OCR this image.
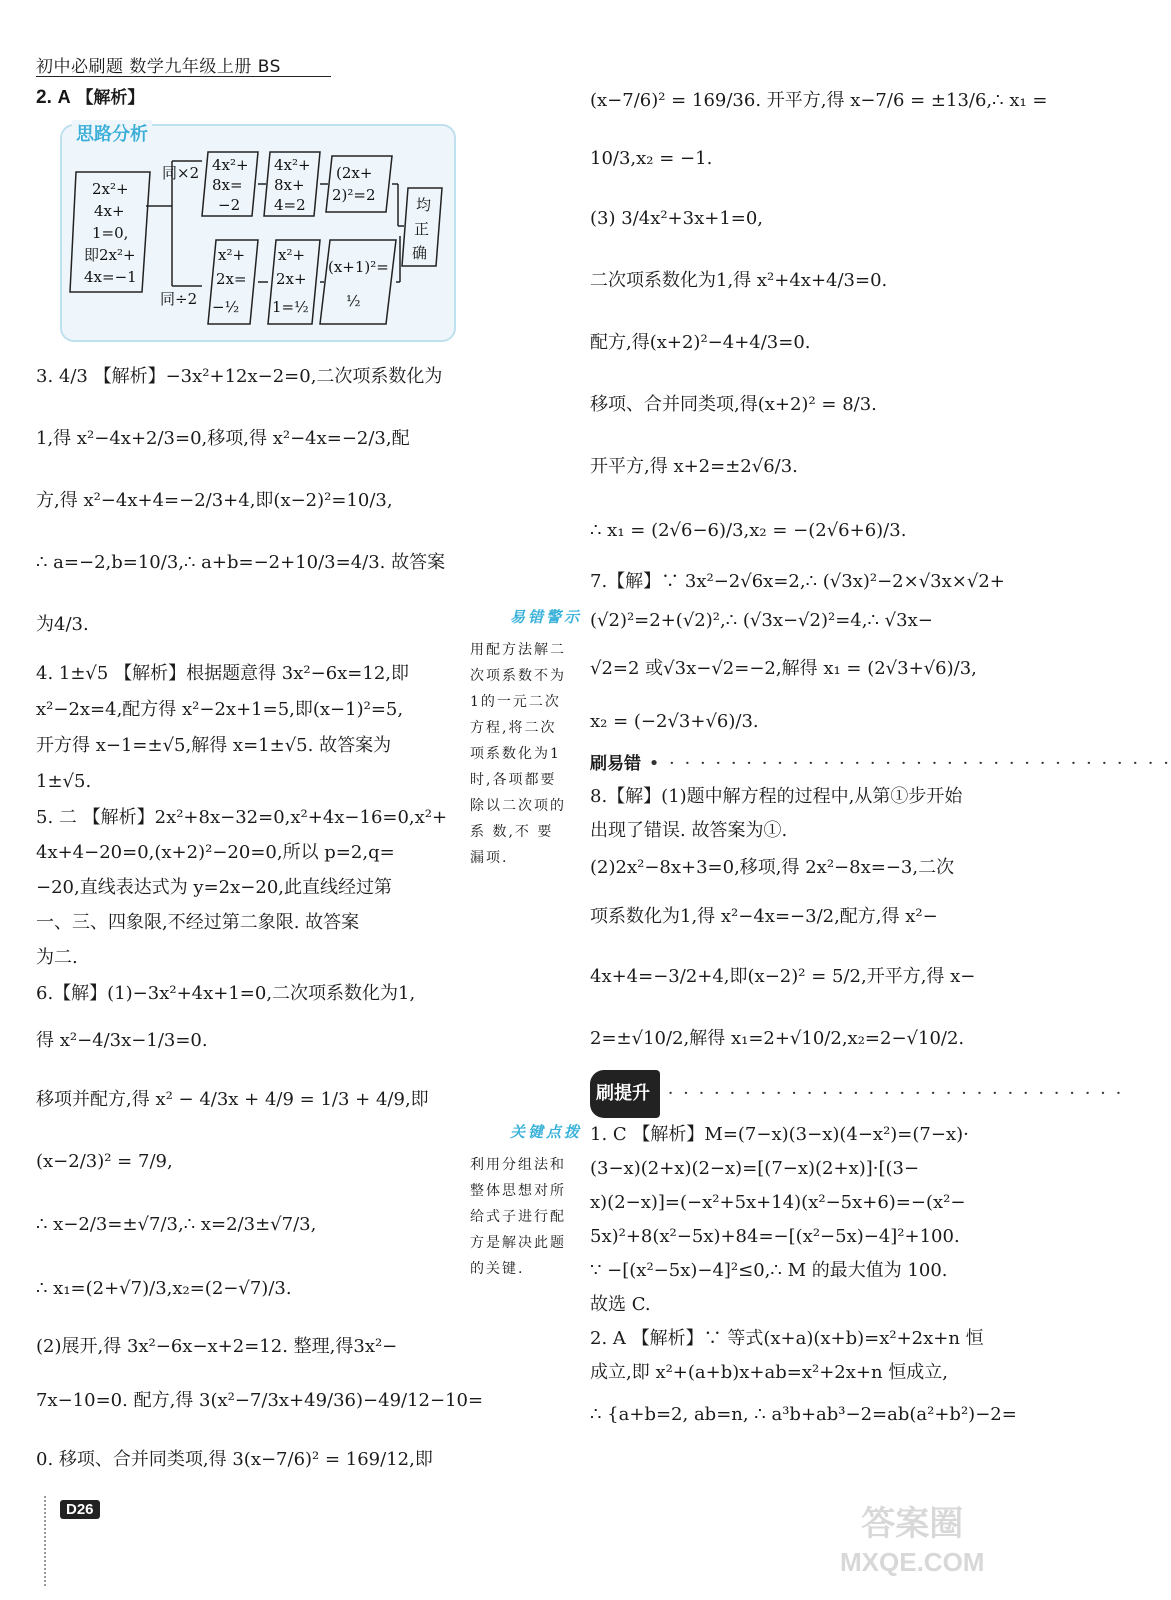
初中必刷题 数学九年级上册 BS
2. A 【解析】
思路分析
同×2
同÷2
2x²+
4x+
1=0,
即2x²+
4x=−1
4x²+
8x=
−2
4x²+
8x+
4=2
(2x+
2)²=2
x²+
2x=
−½
x²+
2x+
1=½
(x+1)²=
½
均
正
确
3. 4/3 【解析】−3x²+12x−2=0,二次项系数化为
1,得 x²−4x+2/3=0,移项,得 x²−4x=−2/3,配
方,得 x²−4x+4=−2/3+4,即(x−2)²=10/3,
∴ a=−2,b=10/3,∴ a+b=−2+10/3=4/3. 故答案
为4/3.
4. 1±√5 【解析】根据题意得 3x²−6x=12,即
x²−2x=4,配方得 x²−2x+1=5,即(x−1)²=5,
开方得 x−1=±√5,解得 x=1±√5. 故答案为
1±√5.
5. 二 【解析】2x²+8x−32=0,x²+4x−16=0,x²+
4x+4−20=0,(x+2)²−20=0,所以 p=2,q=
−20,直线表达式为 y=2x−20,此直线经过第
一、三、四象限,不经过第二象限. 故答案
为二.
6.【解】(1)−3x²+4x+1=0,二次项系数化为1,
得 x²−4/3x−1/3=0.
移项并配方,得 x² − 4/3x + 4/9 = 1/3 + 4/9,即
(x−2/3)² = 7/9,
∴ x−2/3=±√7/3,∴ x=2/3±√7/3,
∴ x₁=(2+√7)/3,x₂=(2−√7)/3.
(2)展开,得 3x²−6x−x+2=12. 整理,得3x²−
7x−10=0. 配方,得 3(x²−7/3x+49/36)−49/12−10=
0. 移项、合并同类项,得 3(x−7/6)² = 169/12,即
易错警示
用配方法解二
次项系数不为
1的一元二次
方程,将二次
项系数化为1
时,各项都要
除以二次项的
系 数,不 要
漏项.
关键点拨
利用分组法和
整体思想对所
给式子进行配
方是解决此题
的关键.
(x−7/6)² = 169/36. 开平方,得 x−7/6 = ±13/6,∴ x₁ =
10/3,x₂ = −1.
(3) 3/4x²+3x+1=0,
二次项系数化为1,得 x²+4x+4/3=0.
配方,得(x+2)²−4+4/3=0.
移项、合并同类项,得(x+2)² = 8/3.
开平方,得 x+2=±2√6/3.
∴ x₁ = (2√6−6)/3,x₂ = −(2√6+6)/3.
7.【解】∵ 3x²−2√6x=2,∴ (√3x)²−2×√3x×√2+
(√2)²=2+(√2)²,∴ (√3x−√2)²=4,∴ √3x−
√2=2 或√3x−√2=−2,解得 x₁ = (2√3+√6)/3,
x₂ = (−2√3+√6)/3.
刷易错 • · · · · · · · · · · · · · · · · · · · · · · · · · · · · · · · · ·
8.【解】(1)题中解方程的过程中,从第①步开始
出现了错误. 故答案为①.
(2)2x²−8x+3=0,移项,得 2x²−8x=−3,二次
项系数化为1,得 x²−4x=−3/2,配方,得 x²−
4x+4=−3/2+4,即(x−2)² = 5/2,开平方,得 x−
2=±√10/2,解得 x₁=2+√10/2,x₂=2−√10/2.
刷提升 · · · · · · · · · · · · · · · · · · · · · · · · · · · · · ·
1. C 【解析】M=(7−x)(3−x)(4−x²)=(7−x)·
(3−x)(2+x)(2−x)=[(7−x)(2+x)]·[(3−
x)(2−x)]=(−x²+5x+14)(x²−5x+6)=−(x²−
5x)²+8(x²−5x)+84=−[(x²−5x)−4]²+100.
∵ −[(x²−5x)−4]²≤0,∴ M 的最大值为 100.
故选 C.
2. A 【解析】∵ 等式(x+a)(x+b)=x²+2x+n 恒
成立,即 x²+(a+b)x+ab=x²+2x+n 恒成立,
∴ {a+b=2, ab=n, ∴ a³b+ab³−2=ab(a²+b²)−2=
D26	答案圈
MXQE.COM
